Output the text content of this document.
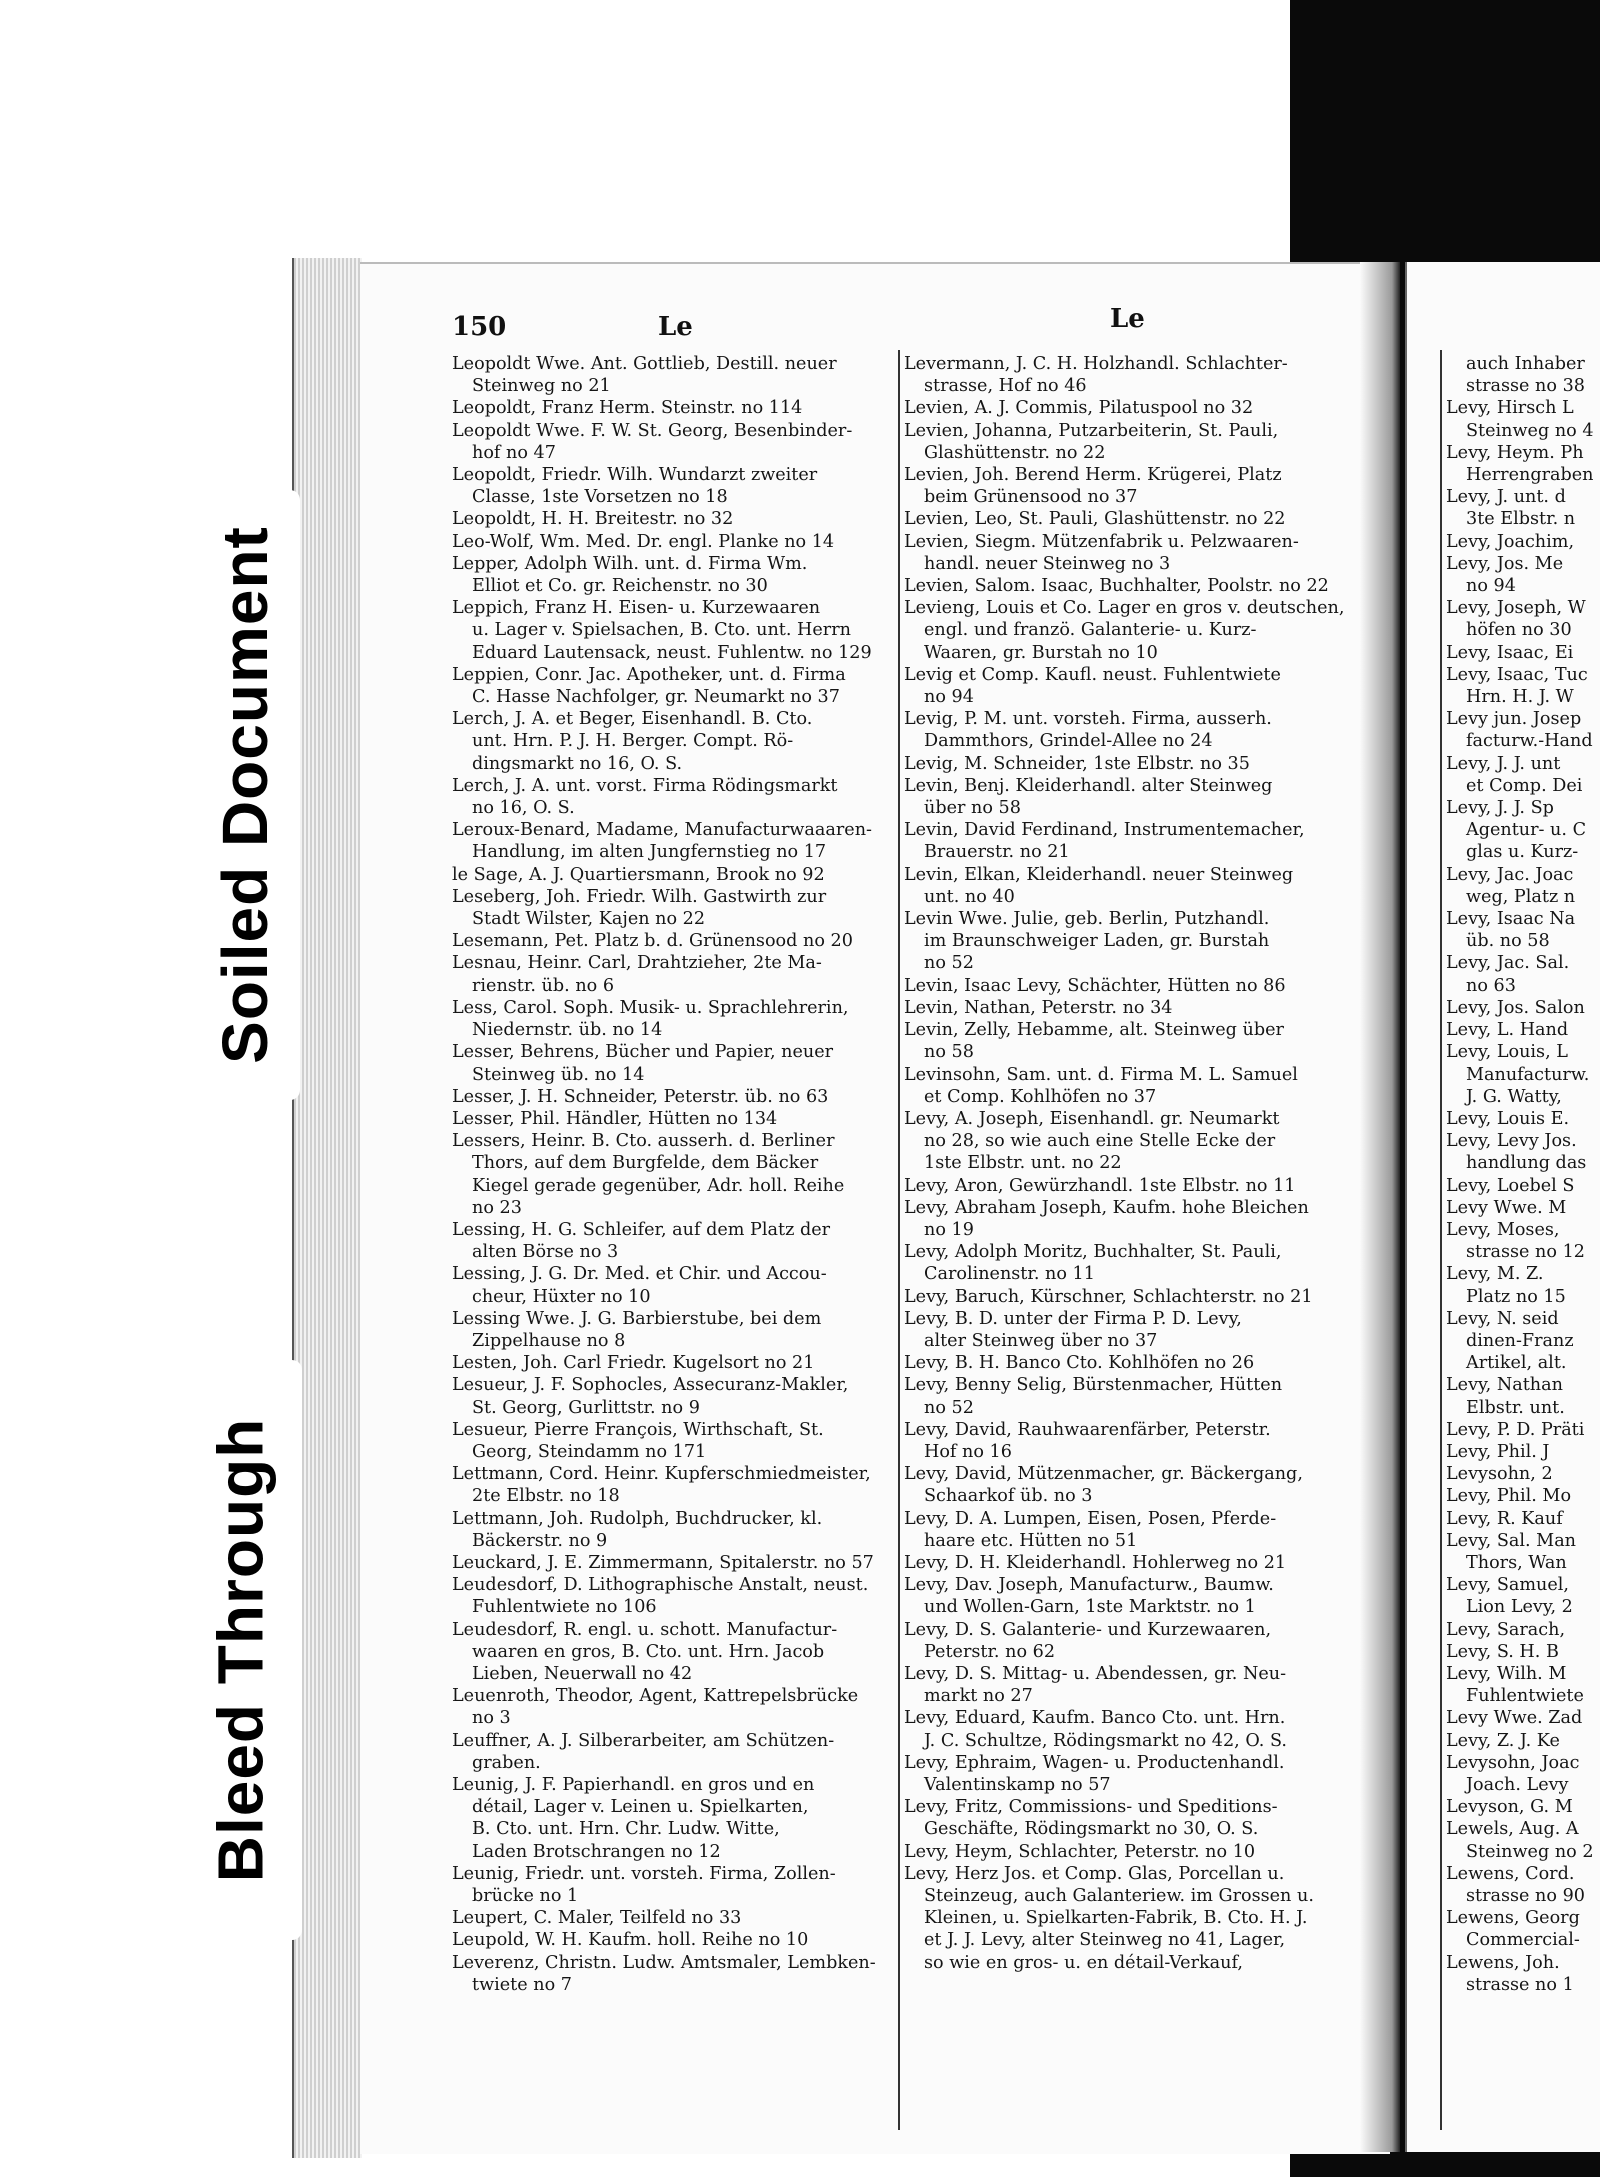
Soiled Document
Bleed Through
150	Le	Le
Leopoldt Wwe. Ant. Gottlieb, Destill. neuer
Steinweg no 21
Leopoldt, Franz Herm. Steinstr. no 114
Leopoldt Wwe. F. W. St. Georg, Besenbinder-
hof no 47
Leopoldt, Friedr. Wilh. Wundarzt zweiter
Classe, 1ste Vorsetzen no 18
Leopoldt, H. H. Breitestr. no 32
Leo-Wolf, Wm. Med. Dr. engl. Planke no 14
Lepper, Adolph Wilh. unt. d. Firma Wm.
Elliot et Co. gr. Reichenstr. no 30
Leppich, Franz H. Eisen- u. Kurzewaaren
u. Lager v. Spielsachen, B. Cto. unt. Herrn
Eduard Lautensack, neust. Fuhlentw. no 129
Leppien, Conr. Jac. Apotheker, unt. d. Firma
C. Hasse Nachfolger, gr. Neumarkt no 37
Lerch, J. A. et Beger, Eisenhandl. B. Cto.
unt. Hrn. P. J. H. Berger. Compt. Rö-
dingsmarkt no 16, O. S.
Lerch, J. A. unt. vorst. Firma Rödingsmarkt
no 16, O. S.
Leroux-Benard, Madame, Manufacturwaaaren-
Handlung, im alten Jungfernstieg no 17
le Sage, A. J. Quartiersmann, Brook no 92
Leseberg, Joh. Friedr. Wilh. Gastwirth zur
Stadt Wilster, Kajen no 22
Lesemann, Pet. Platz b. d. Grünensood no 20
Lesnau, Heinr. Carl, Drahtzieher, 2te Ma-
rienstr. üb. no 6
Less, Carol. Soph. Musik- u. Sprachlehrerin,
Niedernstr. üb. no 14
Lesser, Behrens, Bücher und Papier, neuer
Steinweg üb. no 14
Lesser, J. H. Schneider, Peterstr. üb. no 63
Lesser, Phil. Händler, Hütten no 134
Lessers, Heinr. B. Cto. ausserh. d. Berliner
Thors, auf dem Burgfelde, dem Bäcker
Kiegel gerade gegenüber, Adr. holl. Reihe
no 23
Lessing, H. G. Schleifer, auf dem Platz der
alten Börse no 3
Lessing, J. G. Dr. Med. et Chir. und Accou-
cheur, Hüxter no 10
Lessing Wwe. J. G. Barbierstube, bei dem
Zippelhause no 8
Lesten, Joh. Carl Friedr. Kugelsort no 21
Lesueur, J. F. Sophocles, Assecuranz-Makler,
St. Georg, Gurlittstr. no 9
Lesueur, Pierre François, Wirthschaft, St.
Georg, Steindamm no 171
Lettmann, Cord. Heinr. Kupferschmiedmeister,
2te Elbstr. no 18
Lettmann, Joh. Rudolph, Buchdrucker, kl.
Bäckerstr. no 9
Leuckard, J. E. Zimmermann, Spitalerstr. no 57
Leudesdorf, D. Lithographische Anstalt, neust.
Fuhlentwiete no 106
Leudesdorf, R. engl. u. schott. Manufactur-
waaren en gros, B. Cto. unt. Hrn. Jacob
Lieben, Neuerwall no 42
Leuenroth, Theodor, Agent, Kattrepelsbrücke
no 3
Leuffner, A. J. Silberarbeiter, am Schützen-
graben.
Leunig, J. F. Papierhandl. en gros und en
détail, Lager v. Leinen u. Spielkarten,
B. Cto. unt. Hrn. Chr. Ludw. Witte,
Laden Brotschrangen no 12
Leunig, Friedr. unt. vorsteh. Firma, Zollen-
brücke no 1
Leupert, C. Maler, Teilfeld no 33
Leupold, W. H. Kaufm. holl. Reihe no 10
Leverenz, Christn. Ludw. Amtsmaler, Lembken-
twiete no 7
Levermann, J. C. H. Holzhandl. Schlachter-
strasse, Hof no 46
Levien, A. J. Commis, Pilatuspool no 32
Levien, Johanna, Putzarbeiterin, St. Pauli,
Glashüttenstr. no 22
Levien, Joh. Berend Herm. Krügerei, Platz
beim Grünensood no 37
Levien, Leo, St. Pauli, Glashüttenstr. no 22
Levien, Siegm. Mützenfabrik u. Pelzwaaren-
handl. neuer Steinweg no 3
Levien, Salom. Isaac, Buchhalter, Poolstr. no 22
Levieng, Louis et Co. Lager en gros v. deutschen,
engl. und franzö. Galanterie- u. Kurz-
Waaren, gr. Burstah no 10
Levig et Comp. Kaufl. neust. Fuhlentwiete
no 94
Levig, P. M. unt. vorsteh. Firma, ausserh.
Dammthors, Grindel-Allee no 24
Levig, M. Schneider, 1ste Elbstr. no 35
Levin, Benj. Kleiderhandl. alter Steinweg
über no 58
Levin, David Ferdinand, Instrumentemacher,
Brauerstr. no 21
Levin, Elkan, Kleiderhandl. neuer Steinweg
unt. no 40
Levin Wwe. Julie, geb. Berlin, Putzhandl.
im Braunschweiger Laden, gr. Burstah
no 52
Levin, Isaac Levy, Schächter, Hütten no 86
Levin, Nathan, Peterstr. no 34
Levin, Zelly, Hebamme, alt. Steinweg über
no 58
Levinsohn, Sam. unt. d. Firma M. L. Samuel
et Comp. Kohlhöfen no 37
Levy, A. Joseph, Eisenhandl. gr. Neumarkt
no 28, so wie auch eine Stelle Ecke der
1ste Elbstr. unt. no 22
Levy, Aron, Gewürzhandl. 1ste Elbstr. no 11
Levy, Abraham Joseph, Kaufm. hohe Bleichen
no 19
Levy, Adolph Moritz, Buchhalter, St. Pauli,
Carolinenstr. no 11
Levy, Baruch, Kürschner, Schlachterstr. no 21
Levy, B. D. unter der Firma P. D. Levy,
alter Steinweg über no 37
Levy, B. H. Banco Cto. Kohlhöfen no 26
Levy, Benny Selig, Bürstenmacher, Hütten
no 52
Levy, David, Rauhwaarenfärber, Peterstr.
Hof no 16
Levy, David, Mützenmacher, gr. Bäckergang,
Schaarkof üb. no 3
Levy, D. A. Lumpen, Eisen, Posen, Pferde-
haare etc. Hütten no 51
Levy, D. H. Kleiderhandl. Hohlerweg no 21
Levy, Dav. Joseph, Manufacturw., Baumw.
und Wollen-Garn, 1ste Marktstr. no 1
Levy, D. S. Galanterie- und Kurzewaaren,
Peterstr. no 62
Levy, D. S. Mittag- u. Abendessen, gr. Neu-
markt no 27
Levy, Eduard, Kaufm. Banco Cto. unt. Hrn.
J. C. Schultze, Rödingsmarkt no 42, O. S.
Levy, Ephraim, Wagen- u. Productenhandl.
Valentinskamp no 57
Levy, Fritz, Commissions- und Speditions-
Geschäfte, Rödingsmarkt no 30, O. S.
Levy, Heym, Schlachter, Peterstr. no 10
Levy, Herz Jos. et Comp. Glas, Porcellan u.
Steinzeug, auch Galanteriew. im Grossen u.
Kleinen, u. Spielkarten-Fabrik, B. Cto. H. J.
et J. J. Levy, alter Steinweg no 41, Lager,
so wie en gros- u. en détail-Verkauf,
auch Inhaber
strasse no 38
Levy, Hirsch L
Steinweg no 4
Levy, Heym. Ph
Herrengraben
Levy, J. unt. d
3te Elbstr. n
Levy, Joachim,
Levy, Jos. Me
no 94
Levy, Joseph, W
höfen no 30
Levy, Isaac, Ei
Levy, Isaac, Tuc
Hrn. H. J. W
Levy jun. Josep
facturw.-Hand
Levy, J. J. unt
et Comp. Dei
Levy, J. J. Sp
Agentur- u. C
glas u. Kurz-
Levy, Jac. Joac
weg, Platz n
Levy, Isaac Na
üb. no 58
Levy, Jac. Sal.
no 63
Levy, Jos. Salon
Levy, L. Hand
Levy, Louis, L
Manufacturw.
J. G. Watty,
Levy, Louis E.
Levy, Levy Jos.
handlung das
Levy, Loebel S
Levy Wwe. M
Levy, Moses,
strasse no 12
Levy, M. Z.
Platz no 15
Levy, N. seid
dinen-Franz
Artikel, alt.
Levy, Nathan
Elbstr. unt.
Levy, P. D. Präti
Levy, Phil. J
Levysohn, 2
Levy, Phil. Mo
Levy, R. Kauf
Levy, Sal. Man
Thors, Wan
Levy, Samuel,
Lion Levy, 2
Levy, Sarach,
Levy, S. H. B
Levy, Wilh. M
Fuhlentwiete
Levy Wwe. Zad
Levy, Z. J. Ke
Levysohn, Joac
Joach. Levy
Levyson, G. M
Lewels, Aug. A
Steinweg no 2
Lewens, Cord.
strasse no 90
Lewens, Georg
Commercial-
Lewens, Joh.
strasse no 1
